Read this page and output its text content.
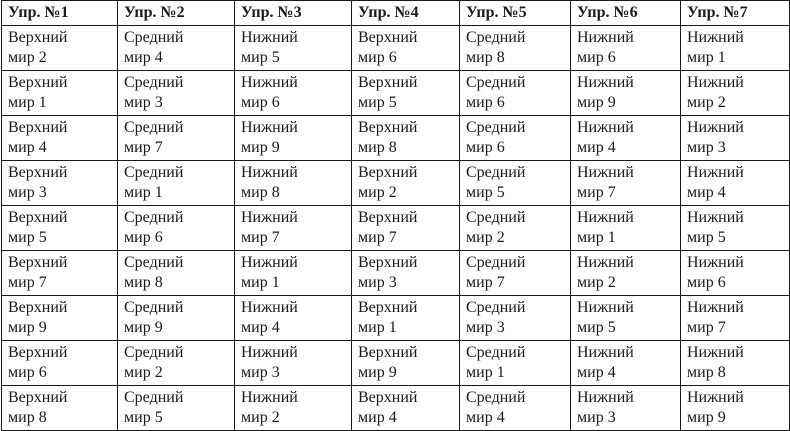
Упр. №1	Упр. №2	Упр. №3	Упр. №4	Упр. №5	Упр. №6	Упр. №7

Верхний
мир 2	Средний
мир 4	Нижний
мир 5	Верхний
мир 6	Средний
мир 8	Нижний
мир 6	Нижний
мир 1

Верхний
мир 1	Средний
мир 3	Нижний
мир 6	Верхний
мир 5	Средний
мир 6	Нижний
мир 9	Нижний
мир 2

Верхний
мир 4	Средний
мир 7	Нижний
мир 9	Верхний
мир 8	Средний
мир 6	Нижний
мир 4	Нижний
мир 3

Верхний
мир 3	Средний
мир 1	Нижний
мир 8	Верхний
мир 2	Средний
мир 5	Нижний
мир 7	Нижний
мир 4

Верхний
мир 5	Средний
мир 6	Нижний
мир 7	Верхний
мир 7	Средний
мир 2	Нижний
мир 1	Нижний
мир 5

Верхний
мир 7	Средний
мир 8	Нижний
мир 1	Верхний
мир 3	Средний
мир 7	Нижний
мир 2	Нижний
мир 6

Верхний
мир 9	Средний
мир 9	Нижний
мир 4	Верхний
мир 1	Средний
мир 3	Нижний
мир 5	Нижний
мир 7

Верхний
мир 6	Средний
мир 2	Нижний
мир 3	Верхний
мир 9	Средний
мир 1	Нижний
мир 4	Нижний
мир 8

Верхний
мир 8	Средний
мир 5	Нижний
мир 2	Верхний
мир 4	Средний
мир 4	Нижний
мир 3	Нижний
мир 9
